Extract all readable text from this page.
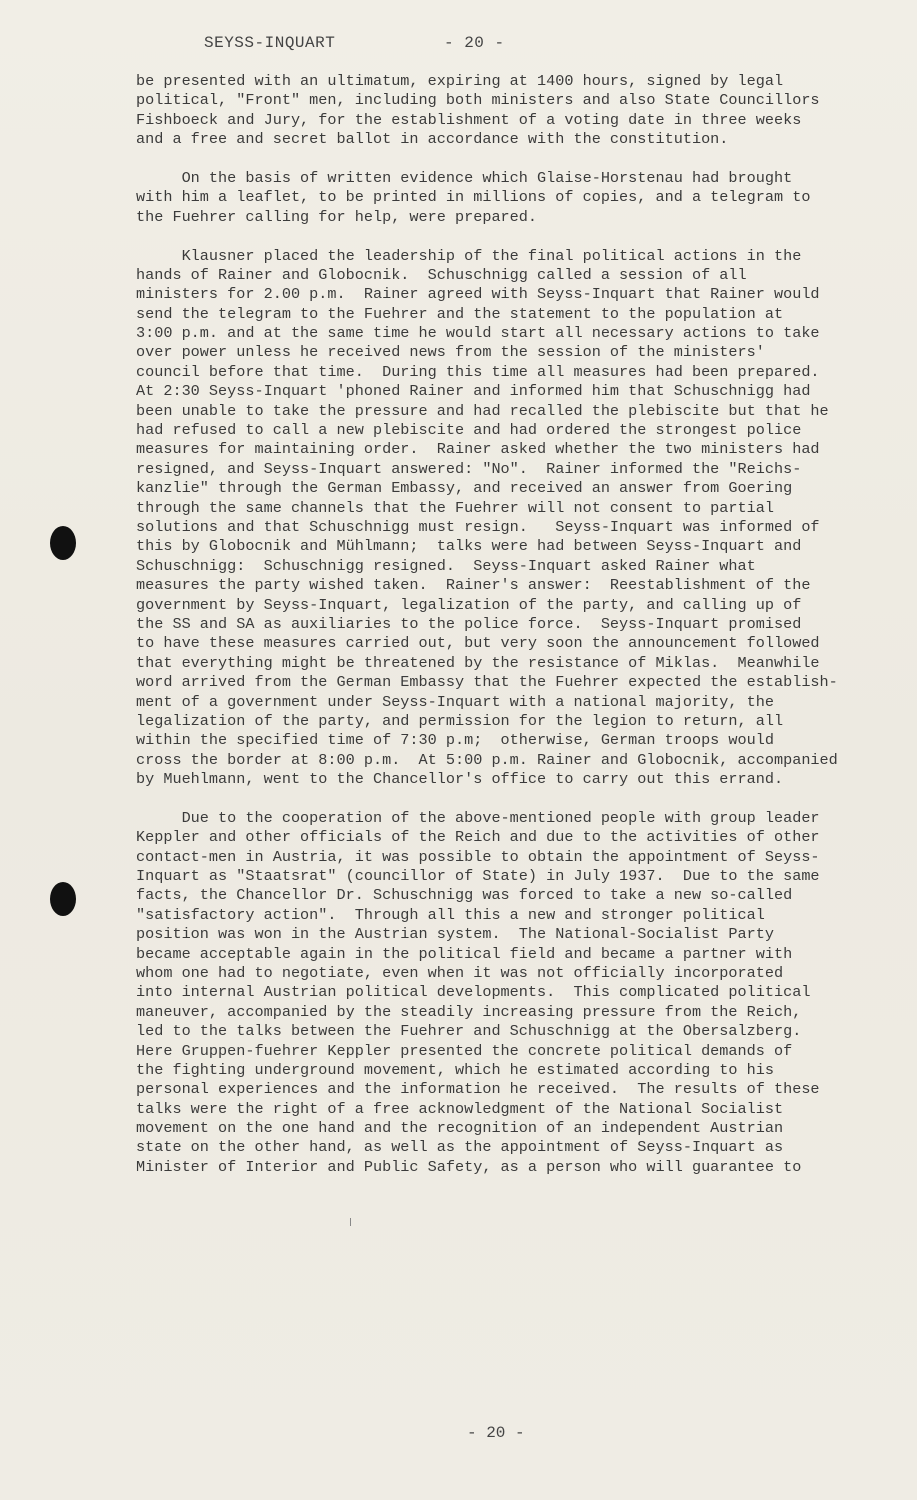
SEYSS-INQUART	- 20 -
be presented with an ultimatum, expiring at 1400 hours, signed by legal
political, "Front" men, including both ministers and also State Councillors
Fishboeck and Jury, for the establishment of a voting date in three weeks
and a free and secret ballot in accordance with the constitution.
On the basis of written evidence which Glaise-Horstenau had brought
with him a leaflet, to be printed in millions of copies, and a telegram to
the Fuehrer calling for help, were prepared.
Klausner placed the leadership of the final political actions in the
hands of Rainer and Globocnik.  Schuschnigg called a session of all
ministers for 2.00 p.m.  Rainer agreed with Seyss-Inquart that Rainer would
send the telegram to the Fuehrer and the statement to the population at
3:00 p.m. and at the same time he would start all necessary actions to take
over power unless he received news from the session of the ministers'
council before that time.  During this time all measures had been prepared.
At 2:30 Seyss-Inquart 'phoned Rainer and informed him that Schuschnigg had
been unable to take the pressure and had recalled the plebiscite but that he
had refused to call a new plebiscite and had ordered the strongest police
measures for maintaining order.  Rainer asked whether the two ministers had
resigned, and Seyss-Inquart answered: "No".  Rainer informed the "Reichs-
kanzlie" through the German Embassy, and received an answer from Goering
through the same channels that the Fuehrer will not consent to partial
solutions and that Schuschnigg must resign.   Seyss-Inquart was informed of
this by Globocnik and Mühlmann;  talks were had between Seyss-Inquart and
Schuschnigg:  Schuschnigg resigned.  Seyss-Inquart asked Rainer what
measures the party wished taken.  Rainer's answer:  Reestablishment of the
government by Seyss-Inquart, legalization of the party, and calling up of
the SS and SA as auxiliaries to the police force.  Seyss-Inquart promised
to have these measures carried out, but very soon the announcement followed
that everything might be threatened by the resistance of Miklas.  Meanwhile
word arrived from the German Embassy that the Fuehrer expected the establish-
ment of a government under Seyss-Inquart with a national majority, the
legalization of the party, and permission for the legion to return, all
within the specified time of 7:30 p.m;  otherwise, German troops would
cross the border at 8:00 p.m.  At 5:00 p.m. Rainer and Globocnik, accompanied
by Muehlmann, went to the Chancellor's office to carry out this errand.
Due to the cooperation of the above-mentioned people with group leader
Keppler and other officials of the Reich and due to the activities of other
contact-men in Austria, it was possible to obtain the appointment of Seyss-
Inquart as "Staatsrat" (councillor of State) in July 1937.  Due to the same
facts, the Chancellor Dr. Schuschnigg was forced to take a new so-called
"satisfactory action".  Through all this a new and stronger political
position was won in the Austrian system.  The National-Socialist Party
became acceptable again in the political field and became a partner with
whom one had to negotiate, even when it was not officially incorporated
into internal Austrian political developments.  This complicated political
maneuver, accompanied by the steadily increasing pressure from the Reich,
led to the talks between the Fuehrer and Schuschnigg at the Obersalzberg.
Here Gruppen-fuehrer Keppler presented the concrete political demands of
the fighting underground movement, which he estimated according to his
personal experiences and the information he received.  The results of these
talks were the right of a free acknowledgment of the National Socialist
movement on the one hand and the recognition of an independent Austrian
state on the other hand, as well as the appointment of Seyss-Inquart as
Minister of Interior and Public Safety, as a person who will guarantee to
- 20 -
